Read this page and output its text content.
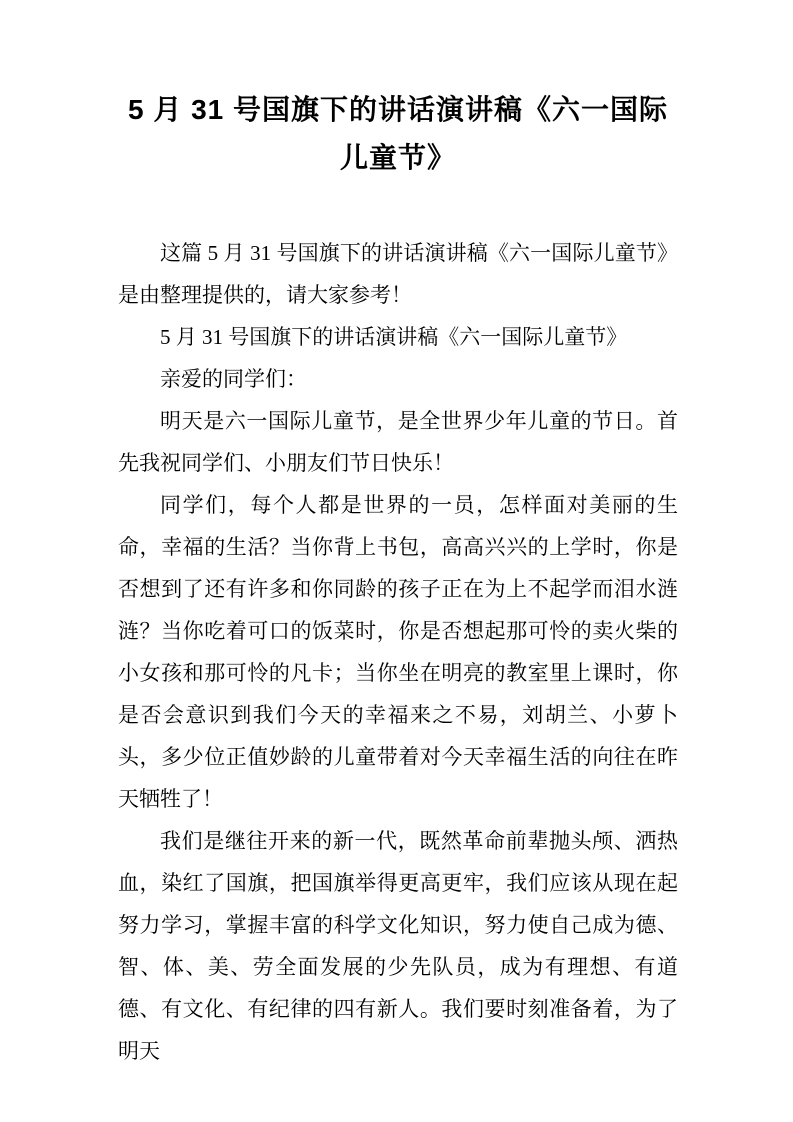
5 月 31 号国旗下的讲话演讲稿《六一国际儿童节》

这篇 5 月 31 号国旗下的讲话演讲稿《六一国际儿童节》是由整理提供的，请大家参考！

5 月 31 号国旗下的讲话演讲稿《六一国际儿童节》

亲爱的同学们：

明天是六一国际儿童节，是全世界少年儿童的节日。首先我祝同学们、小朋友们节日快乐！

同学们，每个人都是世界的一员，怎样面对美丽的生命，幸福的生活？当你背上书包，高高兴兴的上学时，你是否想到了还有许多和你同龄的孩子正在为上不起学而泪水涟涟？当你吃着可口的饭菜时，你是否想起那可怜的卖火柴的小女孩和那可怜的凡卡；当你坐在明亮的教室里上课时，你是否会意识到我们今天的幸福来之不易，刘胡兰、小萝卜头，多少位正值妙龄的儿童带着对今天幸福生活的向往在昨天牺牲了！

我们是继往开来的新一代，既然革命前辈抛头颅、洒热血，染红了国旗，把国旗举得更高更牢，我们应该从现在起努力学习，掌握丰富的科学文化知识，努力使自己成为德、智、体、美、劳全面发展的少先队员，成为有理想、有道德、有文化、有纪律的四有新人。我们要时刻准备着，为了明天
